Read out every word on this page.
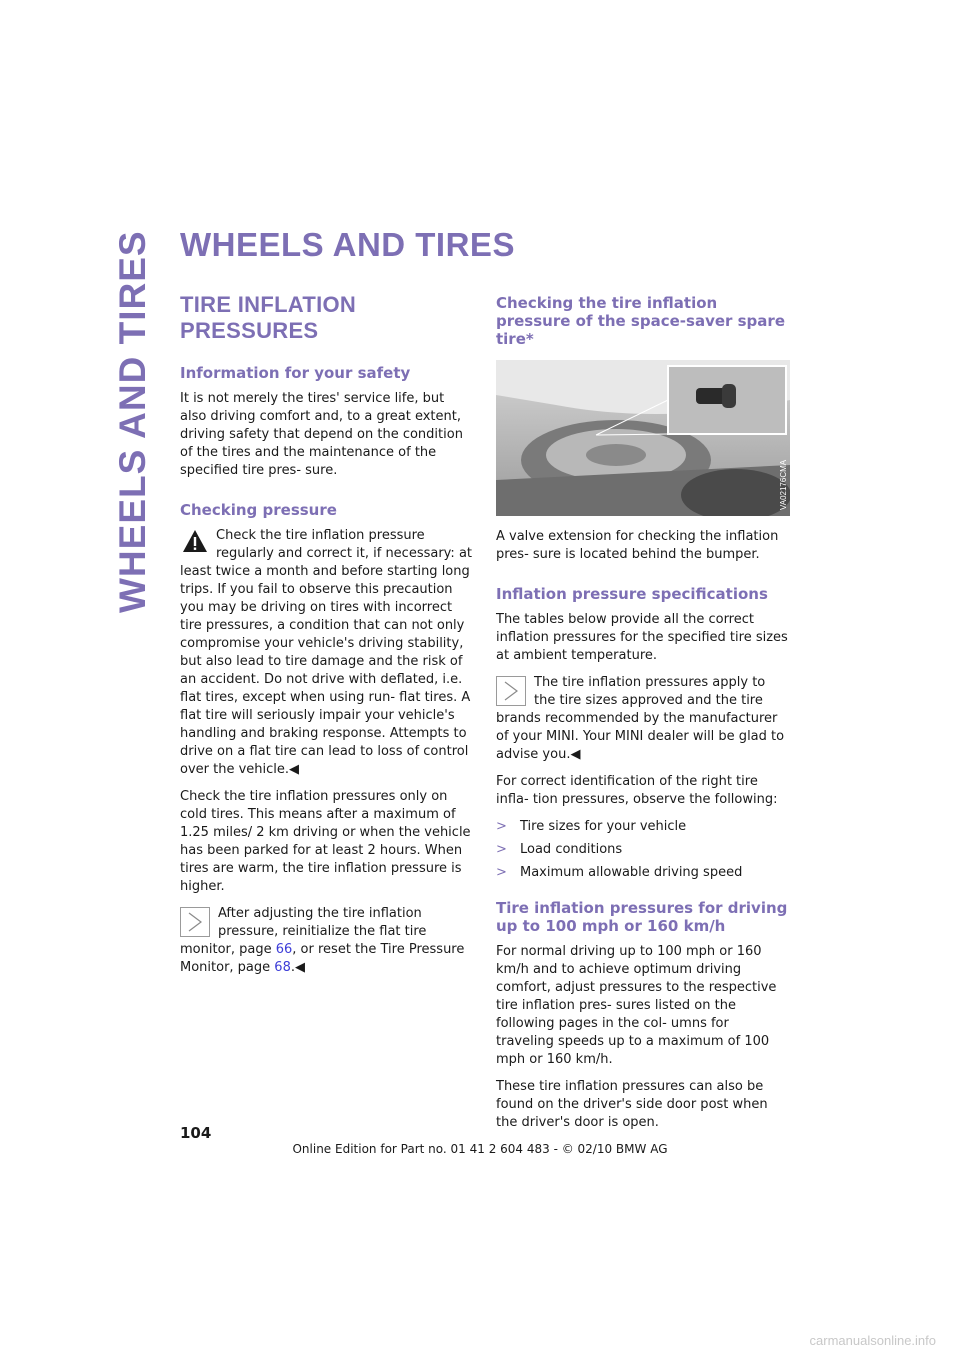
WHEELS AND TIRES WHEELS AND TIRES
TIRE INFLATION PRESSURES
Information for your safety

It is not merely the tires' service life, but also driving comfort and, to a great extent, driving safety that depend on the condition of the tires and the maintenance of the specified tire pres- sure.

Checking pressure

Check the tire inflation pressure regularly and correct it, if necessary: at least twice a month and before starting long trips. If you fail to observe this precaution you may be driving on tires with incorrect tire pressures, a condition that can not only compromise your vehicle's driving stability, but also lead to tire damage and the risk of an accident. Do not drive with deflated, i.e. flat tires, except when using run- flat tires. A flat tire will seriously impair your vehicle's handling and braking response. Attempts to drive on a flat tire can lead to loss of control over the vehicle.◀

Check the tire inflation pressures only on cold tires. This means after a maximum of 1.25 miles/ 2 km driving or when the vehicle has been parked for at least 2 hours. When tires are warm, the tire inflation pressure is higher.

After adjusting the tire inflation pressure, reinitialize the flat tire monitor, page 66, or reset the Tire Pressure Monitor, page 68.◀

Checking the tire inflation pressure of the space-saver spare tire*
VA02176CMA

A valve extension for checking the inflation pres- sure is located behind the bumper.

Inflation pressure specifications

The tables below provide all the correct inflation pressures for the specified tire sizes at ambient temperature.

The tire inflation pressures apply to the tire sizes approved and the tire brands recommended by the manufacturer of your MINI. Your MINI dealer will be glad to advise you.◀

For correct identification of the right tire infla- tion pressures, observe the following:

>	Tire sizes for your vehicle
>	Load conditions
>	Maximum allowable driving speed
Tire inflation pressures for driving up to 100 mph or 160 km/h

For normal driving up to 100 mph or 160 km/h and to achieve optimum driving comfort, adjust pressures to the respective tire inflation pres- sures listed on the following pages in the col- umns for traveling speeds up to a maximum of 100 mph or 160 km/h.

These tire inflation pressures can also be found on the driver's side door post when the driver's door is open.

104
Online Edition for Part no. 01 41 2 604 483 - © 02/10 BMW AG
carmanualsonline.info
